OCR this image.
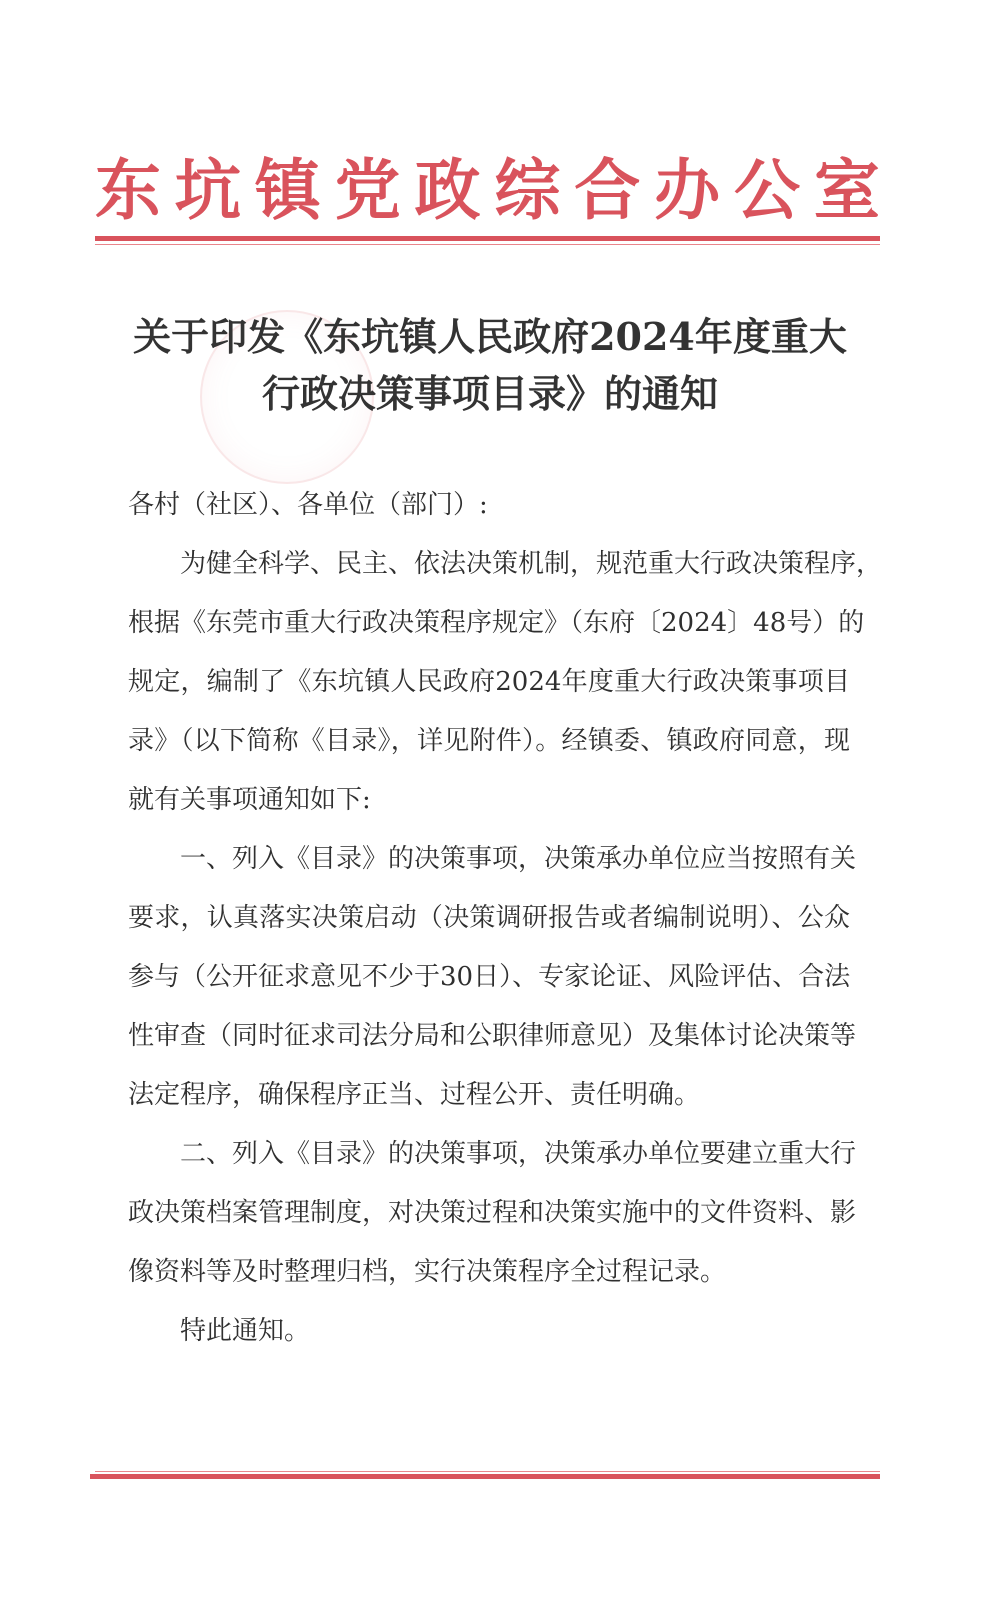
东 坑 镇 党 政 综 合 办 公 室
关于印发《东坑镇人民政府2024年度重大
行政决策事项目录》的通知
各村（社区）、各单位（部门）:
为健全科学、民主、依法决策机制，规范重大行政决策程序，
根据《东莞市重大行政决策程序规定》（东府〔2024〕48号）的
规定，编制了《东坑镇人民政府2024年度重大行政决策事项目
录》（以下简称《目录》，详见附件）。经镇委、镇政府同意，现
就有关事项通知如下:
一、列入《目录》的决策事项，决策承办单位应当按照有关
要求，认真落实决策启动（决策调研报告或者编制说明）、公众
参与（公开征求意见不少于30日）、专家论证、风险评估、合法
性审查（同时征求司法分局和公职律师意见）及集体讨论决策等
法定程序，确保程序正当、过程公开、责任明确。
二、列入《目录》的决策事项，决策承办单位要建立重大行
政决策档案管理制度，对决策过程和决策实施中的文件资料、影
像资料等及时整理归档，实行决策程序全过程记录。
特此通知。
